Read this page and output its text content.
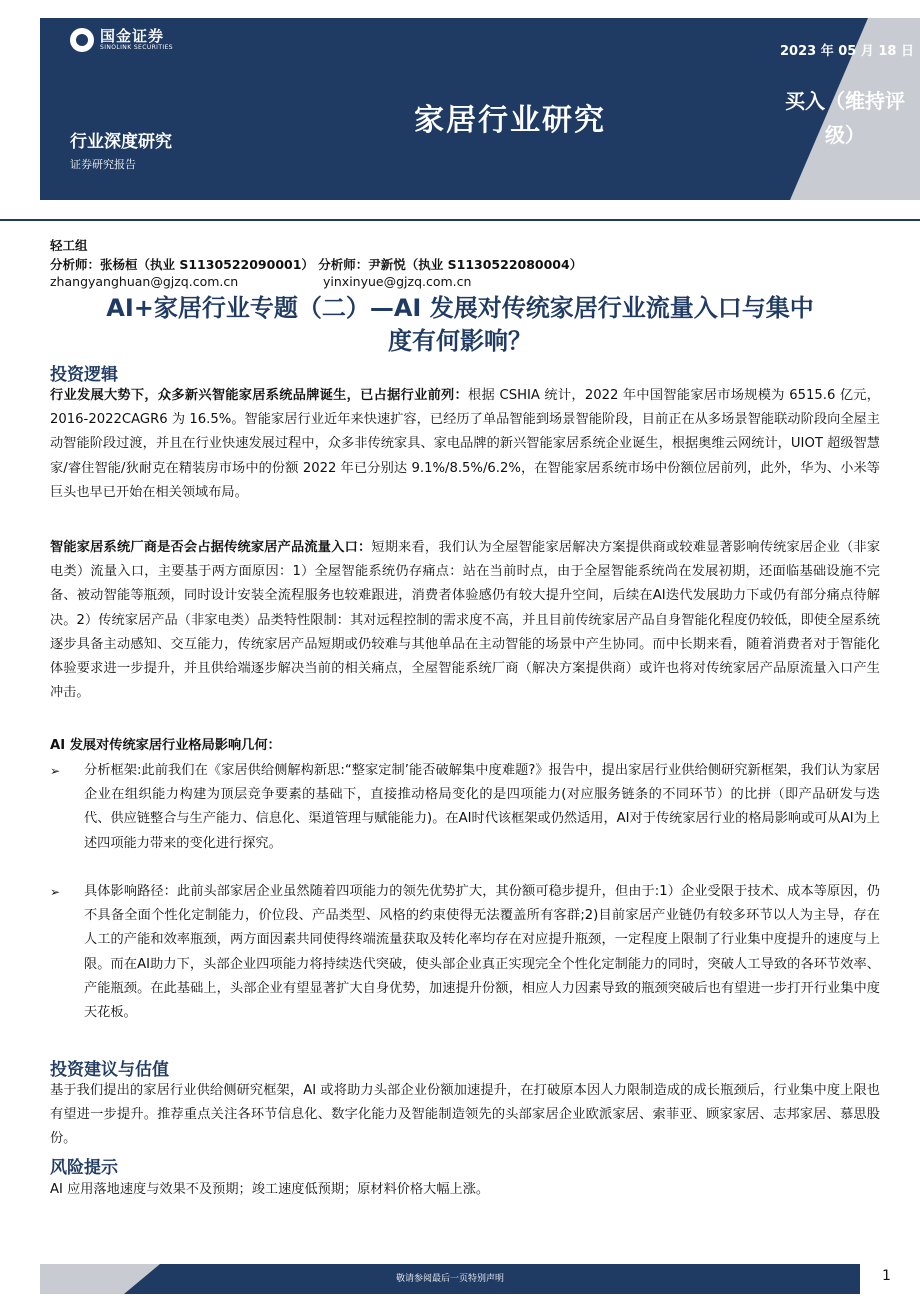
国金证券
SINOLINK SECURITIES
家居行业研究
行业深度研究
证券研究报告
2023 年 05 月 18 日
买入（维持评级）
轻工组
分析师：张杨桓（执业 S1130522090001） 分析师：尹新悦（执业 S1130522080004）
zhangyanghuan@gjzq.com.cn	yinxinyue@gjzq.com.cn
AI+家居行业专题（二）—AI 发展对传统家居行业流量入口与集中
度有何影响？
投资逻辑
行业发展大势下，众多新兴智能家居系统品牌诞生，已占据行业前列：根据 CSHIA 统计，2022 年中国智能家居市场规模为 6515.6 亿元，2016-2022CAGR6 为 16.5%。智能家居行业近年来快速扩容，已经历了单品智能到场景智能阶段，目前正在从多场景智能联动阶段向全屋主动智能阶段过渡，并且在行业快速发展过程中，众多非传统家具、家电品牌的新兴智能家居系统企业诞生，根据奥维云网统计，UIOT 超级智慧家/睿住智能/狄耐克在精装房市场中的份额 2022 年已分别达 9.1%/8.5%/6.2%，在智能家居系统市场中份额位居前列，此外，华为、小米等巨头也早已开始在相关领域布局。
智能家居系统厂商是否会占据传统家居产品流量入口：短期来看，我们认为全屋智能家居解决方案提供商或较难显著影响传统家居企业（非家电类）流量入口，主要基于两方面原因：1）全屋智能系统仍存痛点：站在当前时点，由于全屋智能系统尚在发展初期，还面临基础设施不完备、被动智能等瓶颈，同时设计安装全流程服务也较难跟进，消费者体验感仍有较大提升空间，后续在AI迭代发展助力下或仍有部分痛点待解决。2）传统家居产品（非家电类）品类特性限制：其对远程控制的需求度不高，并且目前传统家居产品自身智能化程度仍较低，即使全屋系统逐步具备主动感知、交互能力，传统家居产品短期或仍较难与其他单品在主动智能的场景中产生协同。而中长期来看，随着消费者对于智能化体验要求进一步提升，并且供给端逐步解决当前的相关痛点，全屋智能系统厂商（解决方案提供商）或许也将对传统家居产品原流量入口产生冲击。
AI 发展对传统家居行业格局影响几何：
➢	分析框架:此前我们在《家居供给侧解构新思:“整家定制’能否破解集中度难题?》报告中，提出家居行业供给侧研究新框架，我们认为家居企业在组织能力构建为顶层竞争要素的基础下，直接推动格局变化的是四项能力(对应服务链条的不同环节）的比拼（即产品研发与迭代、供应链整合与生产能力、信息化、渠道管理与赋能能力)。在AI时代该框架或仍然适用，AI对于传统家居行业的格局影响或可从AI为上述四项能力带来的变化进行探究。
➢	具体影响路径：此前头部家居企业虽然随着四项能力的领先优势扩大，其份额可稳步提升，但由于:1）企业受限于技术、成本等原因，仍不具备全面个性化定制能力，价位段、产品类型、风格的约束使得无法覆盖所有客群;2)目前家居产业链仍有较多环节以人为主导，存在人工的产能和效率瓶颈，两方面因素共同使得终端流量获取及转化率均存在对应提升瓶颈，一定程度上限制了行业集中度提升的速度与上限。而在AI助力下，头部企业四项能力将持续迭代突破，使头部企业真正实现完全个性化定制能力的同时，突破人工导致的各环节效率、产能瓶颈。在此基础上，头部企业有望显著扩大自身优势，加速提升份额，相应人力因素导致的瓶颈突破后也有望进一步打开行业集中度天花板。
投资建议与估值
基于我们提出的家居行业供给侧研究框架，AI 或将助力头部企业份额加速提升，在打破原本因人力限制造成的成长瓶颈后，行业集中度上限也有望进一步提升。推荐重点关注各环节信息化、数字化能力及智能制造领先的头部家居企业欧派家居、索菲亚、顾家家居、志邦家居、慕思股份。
风险提示
AI 应用落地速度与效果不及预期；竣工速度低预期；原材料价格大幅上涨。
敬请参阅最后一页特别声明	1
